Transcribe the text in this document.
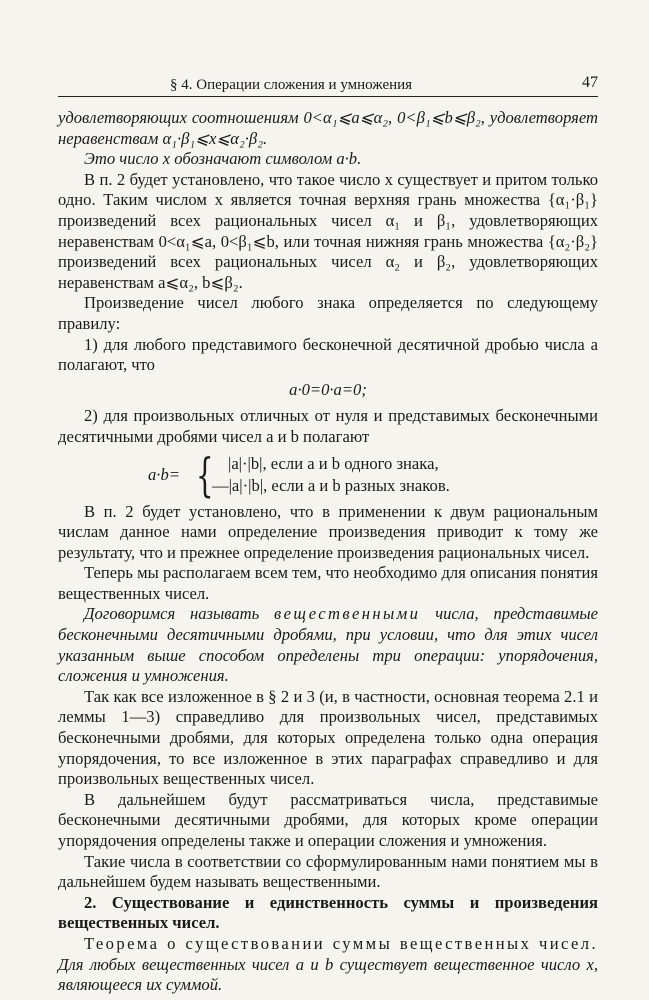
§ 4. Операции сложения и умножения	47

удовлетворяющих соотношениям 0<α₁⩽a⩽α₂, 0<β₁⩽b⩽β₂, удовлетворяет неравенствам α₁·β₁⩽x⩽α₂·β₂.

Это число x обозначают символом a·b.

В п. 2 будет установлено, что такое число x существует и притом только одно. Таким числом x является точная верхняя грань множества {α₁·β₁} произведений всех рациональных чисел α₁ и β₁, удовлетворяющих неравенствам 0<α₁⩽a, 0<β₁⩽b, или точная нижняя грань множества {α₂·β₂} произведений всех рациональных чисел α₂ и β₂, удовлетворяющих неравенствам a⩽α₂, b⩽β₂.

Произведение чисел любого знака определяется по следующему правилу:

1) для любого представимого бесконечной десятичной дробью числа a полагают, что

a·0=0·a=0;

2) для произвольных отличных от нуля и представимых бесконечными десятичными дробями чисел a и b полагают

a·b= { |a|·|b|, если a и b одного знака,
—|a|·|b|, если a и b разных знаков.

В п. 2 будет установлено, что в применении к двум рациональным числам данное нами определение произведения приводит к тому же результату, что и прежнее определение произведения рациональных чисел.

Теперь мы располагаем всем тем, что необходимо для описания понятия вещественных чисел.

Договоримся называть вещественными числа, представимые бесконечными десятичными дробями, при условии, что для этих чисел указанным выше способом определены три операции: упорядочения, сложения и умножения.

Так как все изложенное в § 2 и 3 (и, в частности, основная теорема 2.1 и леммы 1—3) справедливо для произвольных чисел, представимых бесконечными дробями, для которых определена только одна операция упорядочения, то все изложенное в этих параграфах справедливо и для произвольных вещественных чисел.

В дальнейшем будут рассматриваться числа, представимые бесконечными десятичными дробями, для которых кроме операции упорядочения определены также и операции сложения и умножения.

Такие числа в соответствии со сформулированным нами понятием мы в дальнейшем будем называть вещественными.

2. Существование и единственность суммы и произведения вещественных чисел.

Теорема о существовании суммы вещественных чисел. Для любых вещественных чисел a и b существует вещественное число x, являющееся их суммой.
